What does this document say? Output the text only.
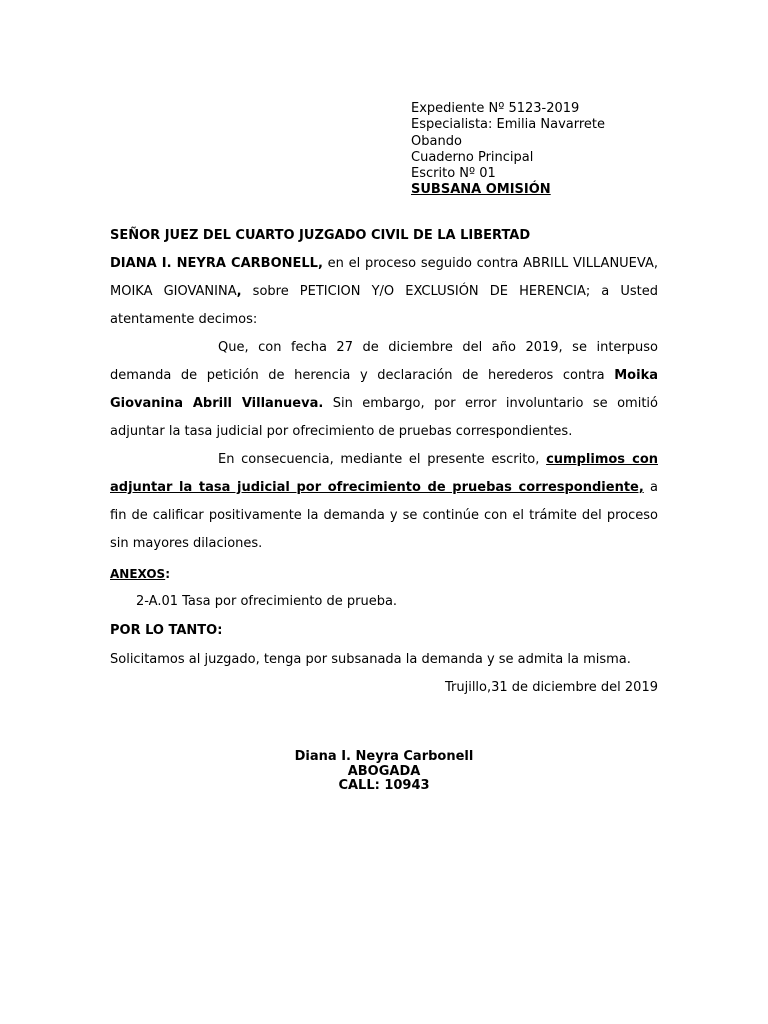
Expediente Nº 5123-2019
Especialista: Emilia Navarrete
Obando
Cuaderno Principal
Escrito Nº 01
SUBSANA OMISIÓN
SEÑOR JUEZ DEL CUARTO JUZGADO CIVIL DE LA LIBERTAD

DIANA I. NEYRA CARBONELL, en el proceso seguido contra ABRILL VILLANUEVA, MOIKA GIOVANINA, sobre PETICION Y/O EXCLUSIÓN DE HERENCIA; a Usted atentamente decimos:

Que, con fecha 27 de diciembre del año 2019, se interpuso demanda de petición de herencia y declaración de herederos contra Moika Giovanina Abrill Villanueva. Sin embargo, por error involuntario se omitió adjuntar la tasa judicial por ofrecimiento de pruebas correspondientes.

En consecuencia, mediante el presente escrito, cumplimos con adjuntar la tasa judicial por ofrecimiento de pruebas correspondiente, a fin de calificar positivamente la demanda y se continúe con el trámite del proceso sin mayores dilaciones.

ANEXOS:
2-A.01 Tasa por ofrecimiento de prueba.
POR LO TANTO:
Solicitamos al juzgado, tenga por subsanada la demanda y se admita la misma.
Trujillo,31 de diciembre del 2019
Diana I. Neyra Carbonell
ABOGADA
CALL: 10943
